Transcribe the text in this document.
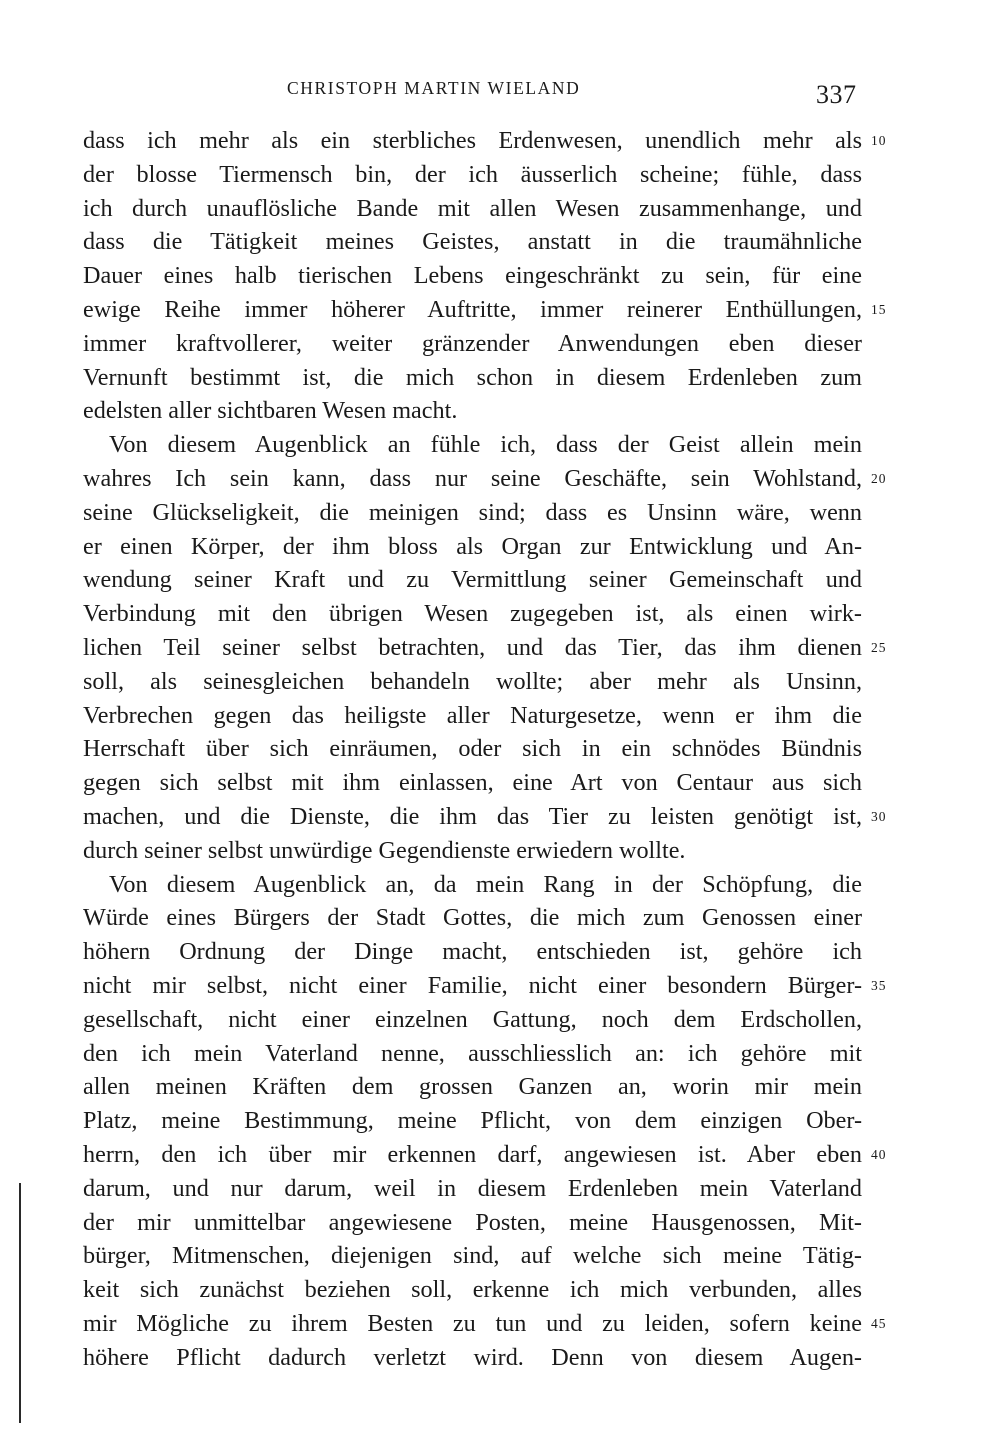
CHRISTOPH MARTIN WIELAND	337
dass ich mehr als ein sterbliches Erdenwesen, unendlich mehr als 10
der blosse Tiermensch bin, der ich äusserlich scheine; fühle, dass
ich durch unauflösliche Bande mit allen Wesen zusammenhange, und
dass die Tätigkeit meines Geistes, anstatt in die traumähnliche
Dauer eines halb tierischen Lebens eingeschränkt zu sein, für eine
ewige Reihe immer höherer Auftritte, immer reinerer Enthüllungen, 15
immer kraftvollerer, weiter gränzender Anwendungen eben dieser
Vernunft bestimmt ist, die mich schon in diesem Erdenleben zum
edelsten aller sichtbaren Wesen macht.
Von diesem Augenblick an fühle ich, dass der Geist allein mein
wahres Ich sein kann, dass nur seine Geschäfte, sein Wohlstand, 20
seine Glückseligkeit, die meinigen sind; dass es Unsinn wäre, wenn
er einen Körper, der ihm bloss als Organ zur Entwicklung und An-
wendung seiner Kraft und zu Vermittlung seiner Gemeinschaft und
Verbindung mit den übrigen Wesen zugegeben ist, als einen wirk-
lichen Teil seiner selbst betrachten, und das Tier, das ihm dienen 25
soll, als seinesgleichen behandeln wollte; aber mehr als Unsinn,
Verbrechen gegen das heiligste aller Naturgesetze, wenn er ihm die
Herrschaft über sich einräumen, oder sich in ein schnödes Bündnis
gegen sich selbst mit ihm einlassen, eine Art von Centaur aus sich
machen, und die Dienste, die ihm das Tier zu leisten genötigt ist, 30
durch seiner selbst unwürdige Gegendienste erwiedern wollte.
Von diesem Augenblick an, da mein Rang in der Schöpfung, die
Würde eines Bürgers der Stadt Gottes, die mich zum Genossen einer
höhern Ordnung der Dinge macht, entschieden ist, gehöre ich
nicht mir selbst, nicht einer Familie, nicht einer besondern Bürger- 35
gesellschaft, nicht einer einzelnen Gattung, noch dem Erdschollen,
den ich mein Vaterland nenne, ausschliesslich an: ich gehöre mit
allen meinen Kräften dem grossen Ganzen an, worin mir mein
Platz, meine Bestimmung, meine Pflicht, von dem einzigen Ober-
herrn, den ich über mir erkennen darf, angewiesen ist. Aber eben 40
darum, und nur darum, weil in diesem Erdenleben mein Vaterland
der mir unmittelbar angewiesene Posten, meine Hausgenossen, Mit-
bürger, Mitmenschen, diejenigen sind, auf welche sich meine Tätig-
keit sich zunächst beziehen soll, erkenne ich mich verbunden, alles
mir Mögliche zu ihrem Besten zu tun und zu leiden, sofern keine 45
höhere Pflicht dadurch verletzt wird. Denn von diesem Augen-
